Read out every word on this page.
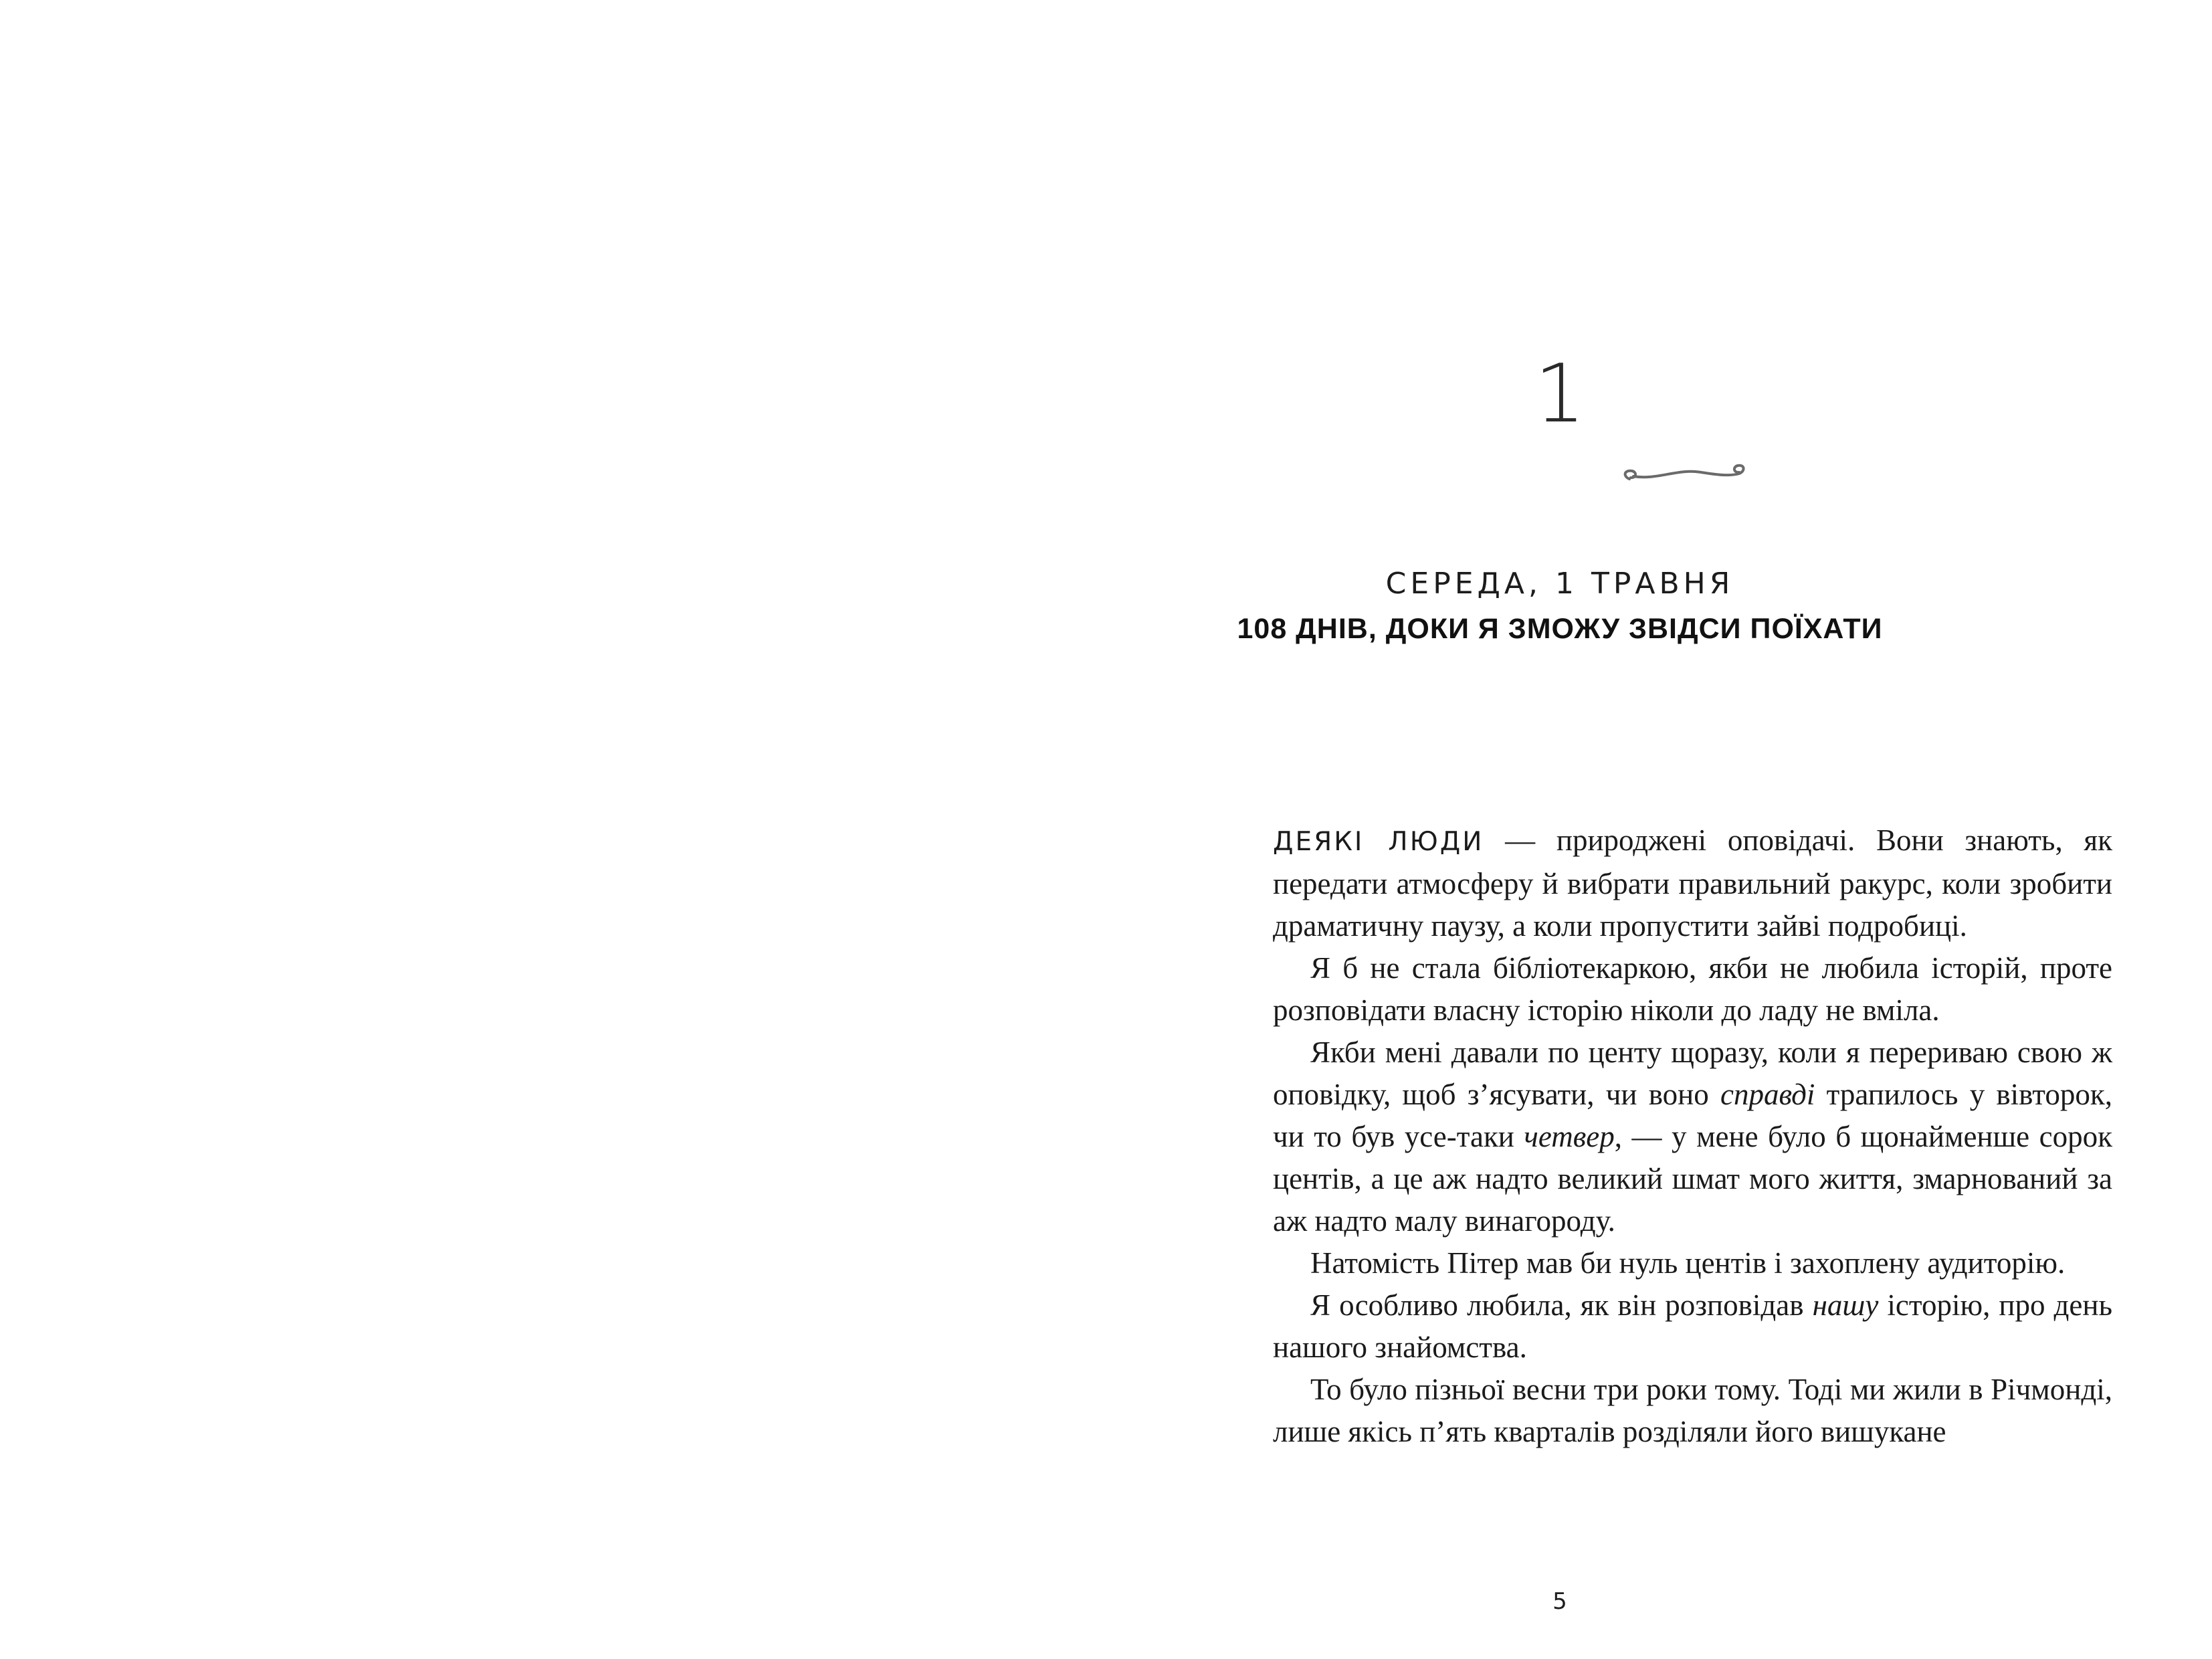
1
СЕРЕДА, 1 ТРАВНЯ
108 ДНІВ, ДОКИ Я ЗМОЖУ ЗВІДСИ ПОЇХАТИ

ДЕЯКІ ЛЮДИ — природжені оповідачі. Вони знають, як передати атмосферу й вибрати правильний ракурс, коли зробити драматичну паузу, а коли пропустити зайві подробиці.

Я б не стала бібліотекаркою, якби не любила історій, проте розповідати власну історію ніколи до ладу не вміла.

Якби мені давали по центу щоразу, коли я перериваю свою ж оповідку, щоб з’ясувати, чи воно справді трапилось у вівторок, чи то був усе-таки четвер, — у мене було б щонайменше сорок центів, а це аж надто великий шмат мого життя, змарнований за аж надто малу винагороду.

Натомість Пітер мав би нуль центів і захоплену аудиторію.

Я особливо любила, як він розповідав нашу історію, про день нашого знайомства.

То було пізньої весни три роки тому. Тоді ми жили в Річмонді, лише якісь п’ять кварталів розділяли його вишукане

5
